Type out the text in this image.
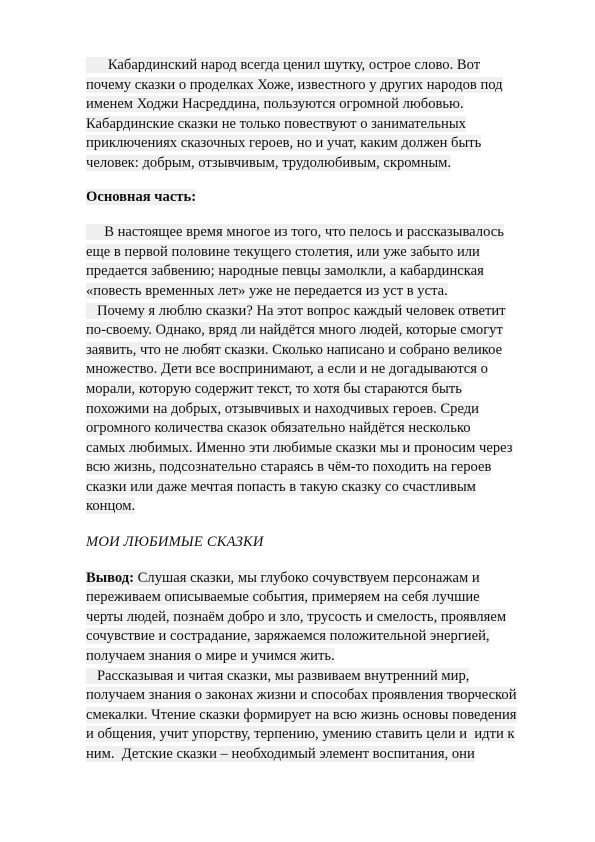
Кабардинский народ всегда ценил шутку, острое слово. Вот
почему сказки о проделках Хоже, известного у других народов под
именем Ходжи Насреддина, пользуются огромной любовью.
Кабардинские сказки не только повествуют о занимательных
приключениях сказочных героев, но и учат, каким должен быть
человек: добрым, отзывчивым, трудолюбивым, скромным.
Основная часть:
В настоящее время многое из того, что пелось и рассказывалось
еще в первой половине текущего столетия, или уже забыто или
предается забвению; народные певцы замолкли, а кабардинская
«повесть временных лет» уже не передается из уст в уста.
Почему я люблю сказки? На этот вопрос каждый человек ответит
по-своему. Однако, вряд ли найдётся много людей, которые смогут
заявить, что не любят сказки. Сколько написано и собрано великое
множество. Дети все воспринимают, а если и не догадываются о
морали, которую содержит текст, то хотя бы стараются быть
похожими на добрых, отзывчивых и находчивых героев. Среди
огромного количества сказок обязательно найдётся несколько
самых любимых. Именно эти любимые сказки мы и проносим через
всю жизнь, подсознательно стараясь в чём-то походить на героев
сказки или даже мечтая попасть в такую сказку со счастливым
концом.
МОИ ЛЮБИМЫЕ СКАЗКИ
Вывод: Слушая сказки, мы глубоко сочувствуем персонажам и
переживаем описываемые события, примеряем на себя лучшие
черты людей, познаём добро и зло, трусость и смелость, проявляем
сочувствие и сострадание, заряжаемся положительной энергией,
получаем знания о мире и учимся жить.
Рассказывая и читая сказки, мы развиваем внутренний мир,
получаем знания о законах жизни и способах проявления творческой
смекалки. Чтение сказки формирует на всю жизнь основы поведения
и общения, учит упорству, терпению, умению ставить цели и  идти к
ним.  Детские сказки – необходимый элемент воспитания, они
